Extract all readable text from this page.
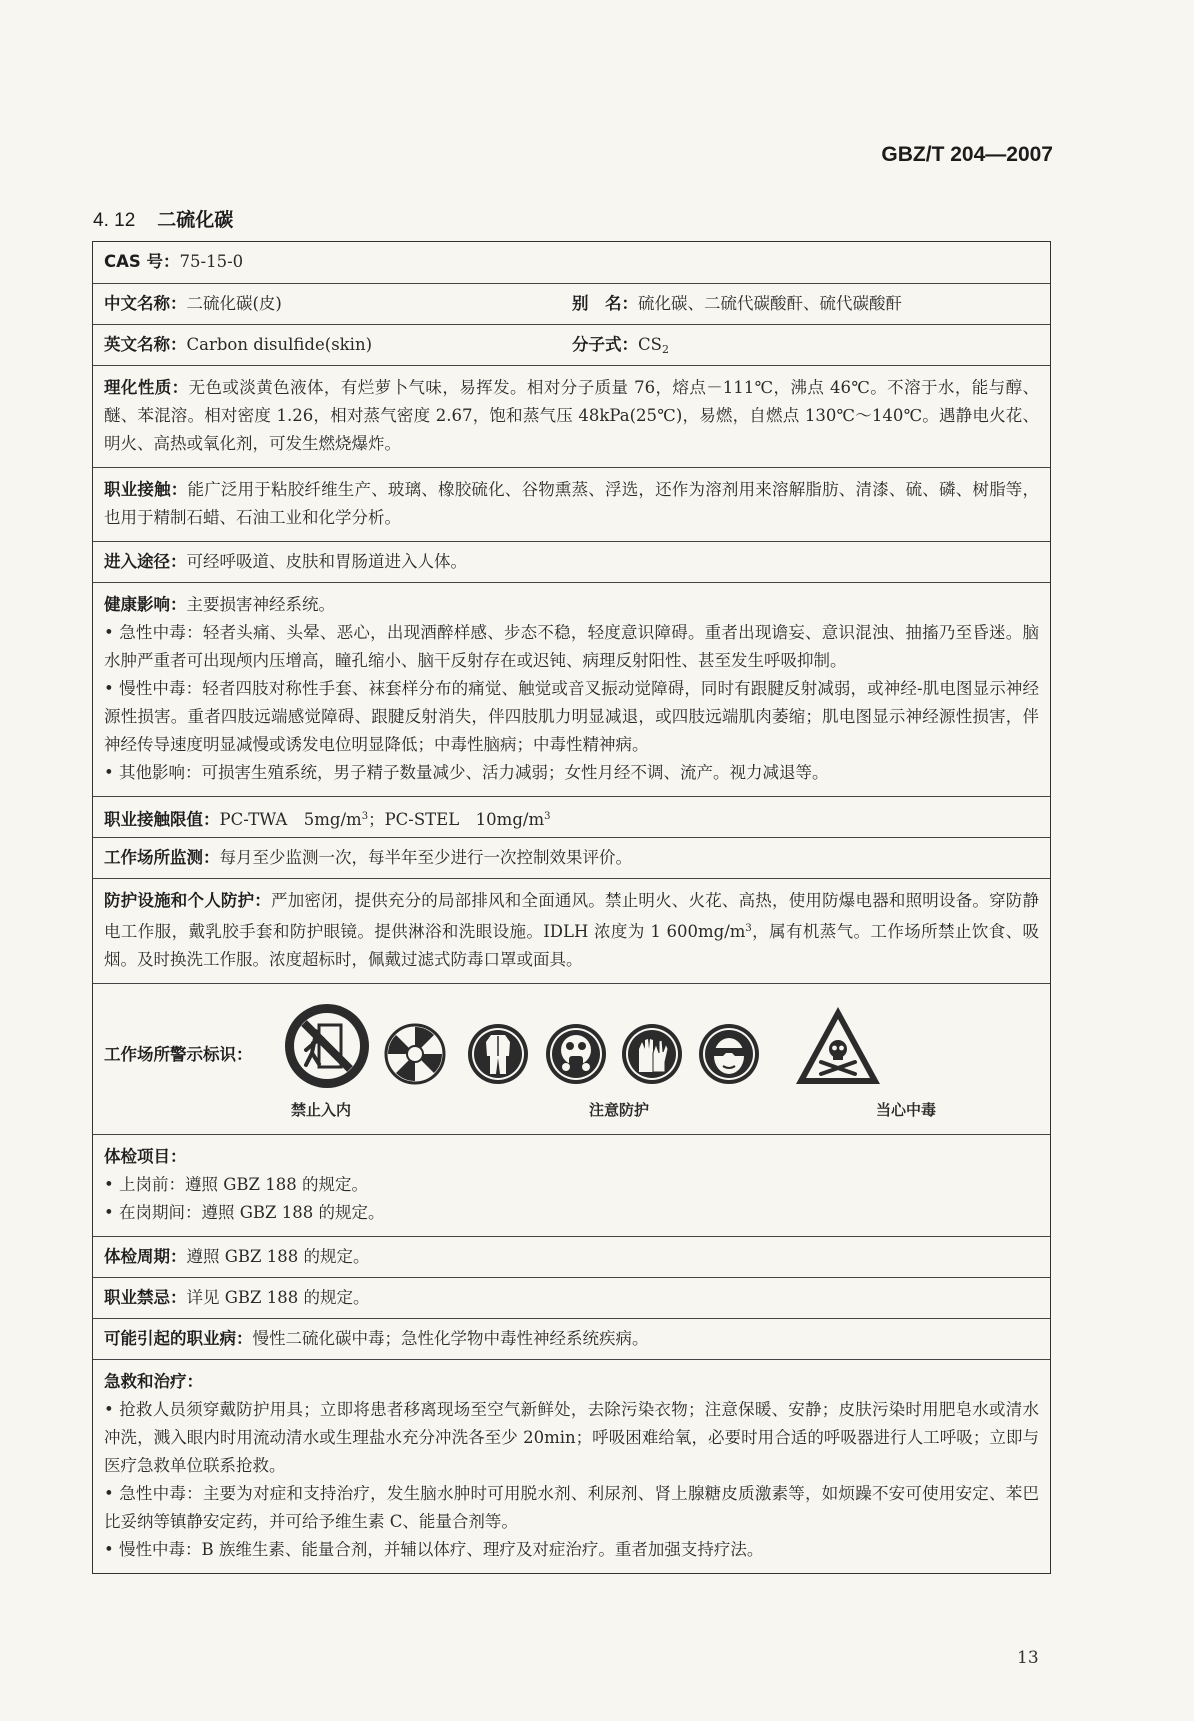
GBZ/T 204—2007
4. 12 二硫化碳
CAS 号：75-15-0
中文名称：二硫化碳(皮)	别　名：硫化碳、二硫代碳酸酐、硫代碳酸酐
英文名称：Carbon disulfide(skin)	分子式：$CS_2$

理化性质：无色或淡黄色液体，有烂萝卜气味，易挥发。相对分子质量 76，熔点－111℃，沸点 46℃。不溶于水，能与醇、醚、苯混溶。相对密度 1.26，相对蒸气密度 2.67，饱和蒸气压 48kPa(25℃)，易燃，自燃点 130℃～140℃。遇静电火花、明火、高热或氧化剂，可发生燃烧爆炸。

职业接触：能广泛用于粘胶纤维生产、玻璃、橡胶硫化、谷物熏蒸、浮选，还作为溶剂用来溶解脂肪、清漆、硫、磷、树脂等，也用于精制石蜡、石油工业和化学分析。

进入途径：可经呼吸道、皮肤和胃肠道进入人体。

健康影响：主要损害神经系统。

• 急性中毒：轻者头痛、头晕、恶心，出现酒醉样感、步态不稳，轻度意识障碍。重者出现谵妄、意识混浊、抽搐乃至昏迷。脑水肿严重者可出现颅内压增高，瞳孔缩小、脑干反射存在或迟钝、病理反射阳性、甚至发生呼吸抑制。

• 慢性中毒：轻者四肢对称性手套、袜套样分布的痛觉、触觉或音叉振动觉障碍，同时有跟腱反射减弱，或神经-肌电图显示神经源性损害。重者四肢远端感觉障碍、跟腱反射消失，伴四肢肌力明显减退，或四肢远端肌肉萎缩；肌电图显示神经源性损害，伴神经传导速度明显减慢或诱发电位明显降低；中毒性脑病；中毒性精神病。

• 其他影响：可损害生殖系统，男子精子数量减少、活力减弱；女性月经不调、流产。视力减退等。

职业接触限值：PC-TWA　$5mg/m^3$；PC-STEL　$10mg/m^3$
工作场所监测：每月至少监测一次，每半年至少进行一次控制效果评价。

防护设施和个人防护：严加密闭，提供充分的局部排风和全面通风。禁止明火、火花、高热，使用防爆电器和照明设备。穿防静电工作服，戴乳胶手套和防护眼镜。提供淋浴和洗眼设施。IDLH 浓度为 1 $600mg/m^3$，属有机蒸气。工作场所禁止饮食、吸烟。及时换洗工作服。浓度超标时，佩戴过滤式防毒口罩或面具。

工作场所警示标识：
禁止入内	注意防护	当心中毒

体检项目：

• 上岗前：遵照 GBZ 188 的规定。

• 在岗期间：遵照 GBZ 188 的规定。

体检周期：遵照 GBZ 188 的规定。
职业禁忌：详见 GBZ 188 的规定。
可能引起的职业病：慢性二硫化碳中毒；急性化学物中毒性神经系统疾病。

急救和治疗：

• 抢救人员须穿戴防护用具；立即将患者移离现场至空气新鲜处，去除污染衣物；注意保暖、安静；皮肤污染时用肥皂水或清水冲洗，溅入眼内时用流动清水或生理盐水充分冲洗各至少 20min；呼吸困难给氧，必要时用合适的呼吸器进行人工呼吸；立即与医疗急救单位联系抢救。

• 急性中毒：主要为对症和支持治疗，发生脑水肿时可用脱水剂、利尿剂、肾上腺糖皮质激素等，如烦躁不安可使用安定、苯巴比妥纳等镇静安定药，并可给予维生素 C、能量合剂等。

• 慢性中毒：B 族维生素、能量合剂，并辅以体疗、理疗及对症治疗。重者加强支持疗法。

13
